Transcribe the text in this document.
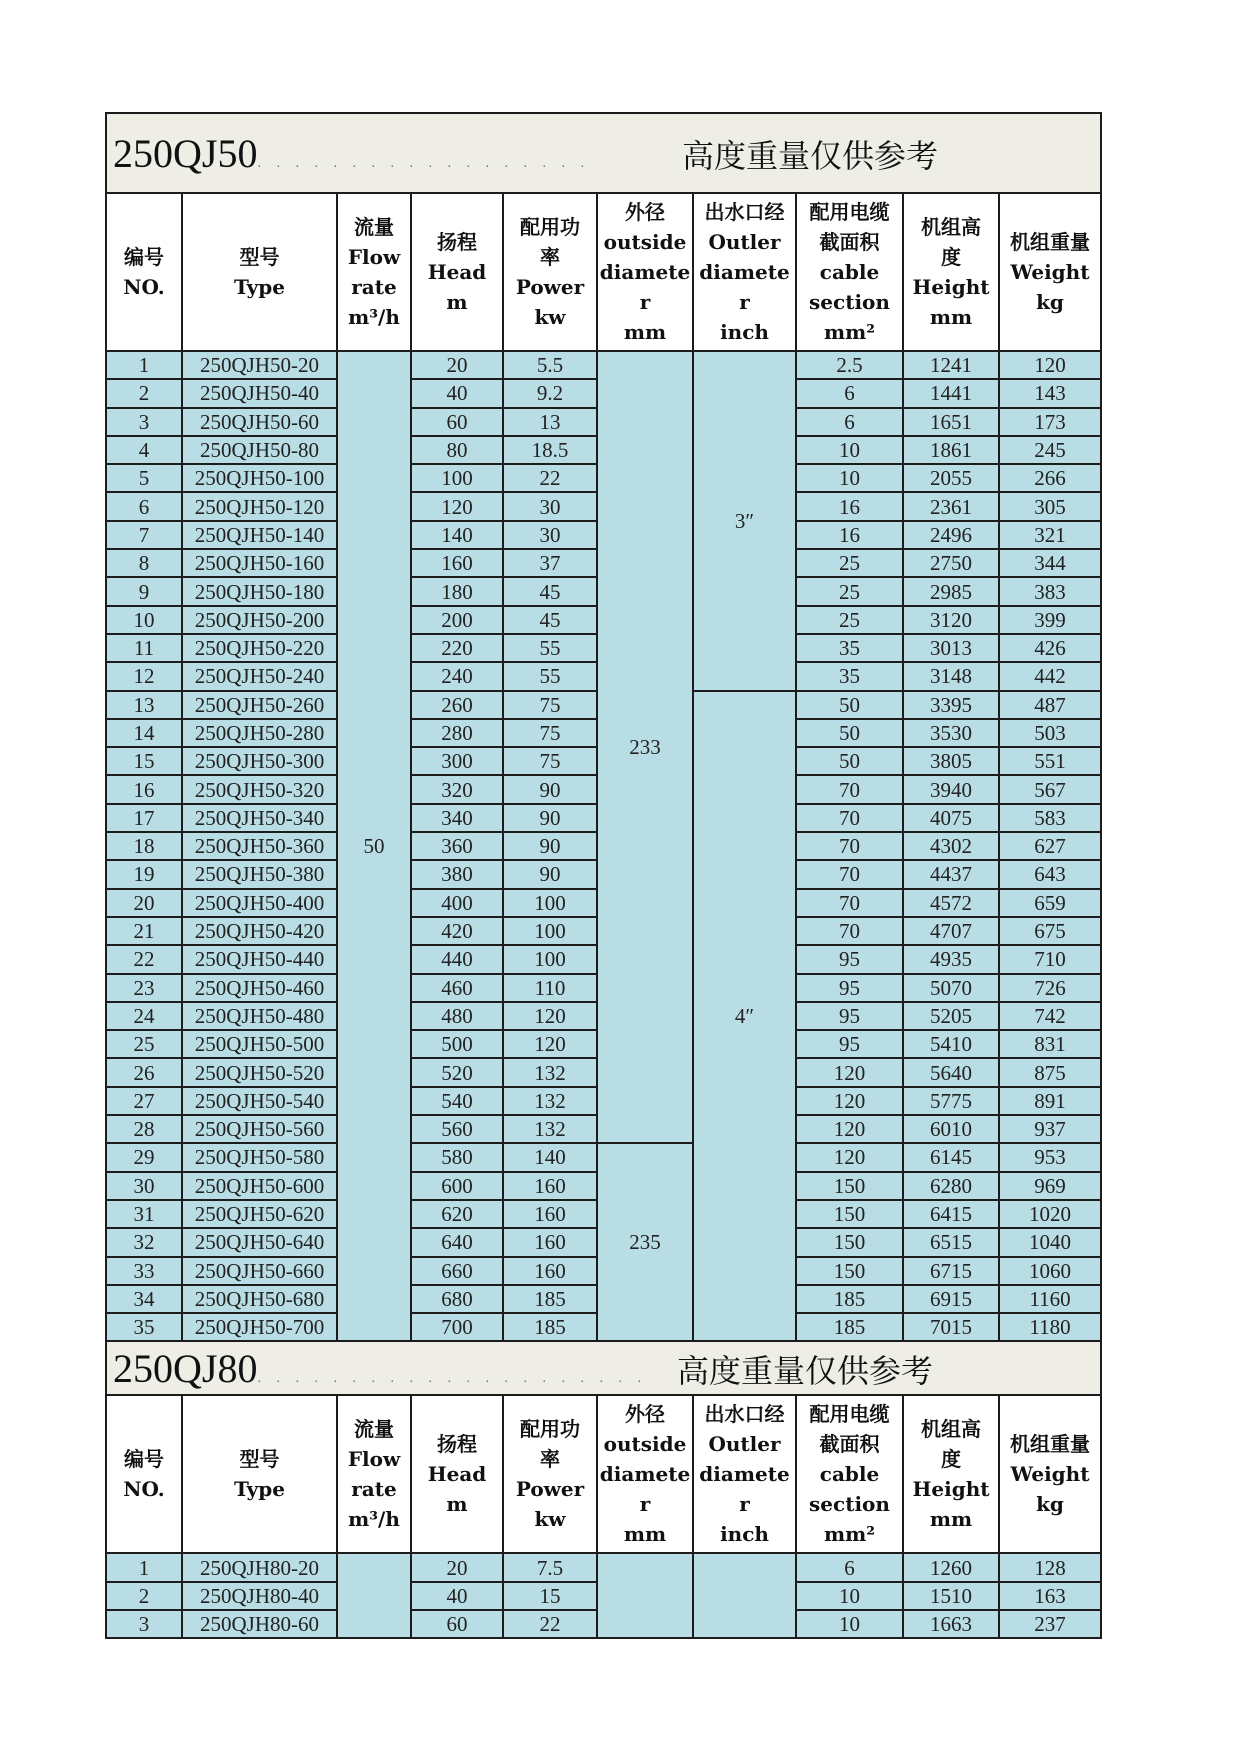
250QJ50. . . . . . . . . . . . . . . . . . 高度重量仅供参考									

编号
NO.	型号
Type	流量
Flow
rate
m³/h	扬程
Head
m	配用功
率
Power
kw	外径
outside
diamete
r
mm	出水口经
Outler
diamete
r
inch	配用电缆
截面积
cable
section
mm²	机组高
度
Height
mm	机组重量
Weight
kg

1	250QJH50-20	50	20	5.5	233	3″	2.5	1241	120
2	250QJH50-40		40	9.2			6	1441	143
3	250QJH50-60		60	13			6	1651	173
4	250QJH50-80		80	18.5			10	1861	245
5	250QJH50-100		100	22			10	2055	266
6	250QJH50-120		120	30			16	2361	305
7	250QJH50-140		140	30			16	2496	321
8	250QJH50-160		160	37			25	2750	344
9	250QJH50-180		180	45			25	2985	383
10	250QJH50-200		200	45			25	3120	399
11	250QJH50-220		220	55			35	3013	426
12	250QJH50-240		240	55			35	3148	442
13	250QJH50-260		260	75		4″	50	3395	487
14	250QJH50-280		280	75			50	3530	503
15	250QJH50-300		300	75			50	3805	551
16	250QJH50-320		320	90			70	3940	567
17	250QJH50-340		340	90			70	4075	583
18	250QJH50-360		360	90			70	4302	627
19	250QJH50-380		380	90			70	4437	643
20	250QJH50-400		400	100			70	4572	659
21	250QJH50-420		420	100			70	4707	675
22	250QJH50-440		440	100			95	4935	710
23	250QJH50-460		460	110			95	5070	726
24	250QJH50-480		480	120			95	5205	742
25	250QJH50-500		500	120			95	5410	831
26	250QJH50-520		520	132			120	5640	875
27	250QJH50-540		540	132			120	5775	891
28	250QJH50-560		560	132			120	6010	937
29	250QJH50-580		580	140	235		120	6145	953
30	250QJH50-600		600	160			150	6280	969
31	250QJH50-620		620	160			150	6415	1020
32	250QJH50-640		640	160			150	6515	1040
33	250QJH50-660		660	160			150	6715	1060
34	250QJH50-680		680	185			185	6915	1160
35	250QJH50-700		700	185			185	7015	1180
250QJ80. . . . . . . . . . . . . . . . . . . . . 高度重量仅供参考									

编号
NO.	型号
Type	流量
Flow
rate
m³/h	扬程
Head
m	配用功
率
Power
kw	外径
outside
diamete
r
mm	出水口经
Outler
diamete
r
inch	配用电缆
截面积
cable
section
mm²	机组高
度
Height
mm	机组重量
Weight
kg

1	250QJH80-20		20	7.5			6	1260	128
2	250QJH80-40		40	15			10	1510	163
3	250QJH80-60		60	22			10	1663	237
